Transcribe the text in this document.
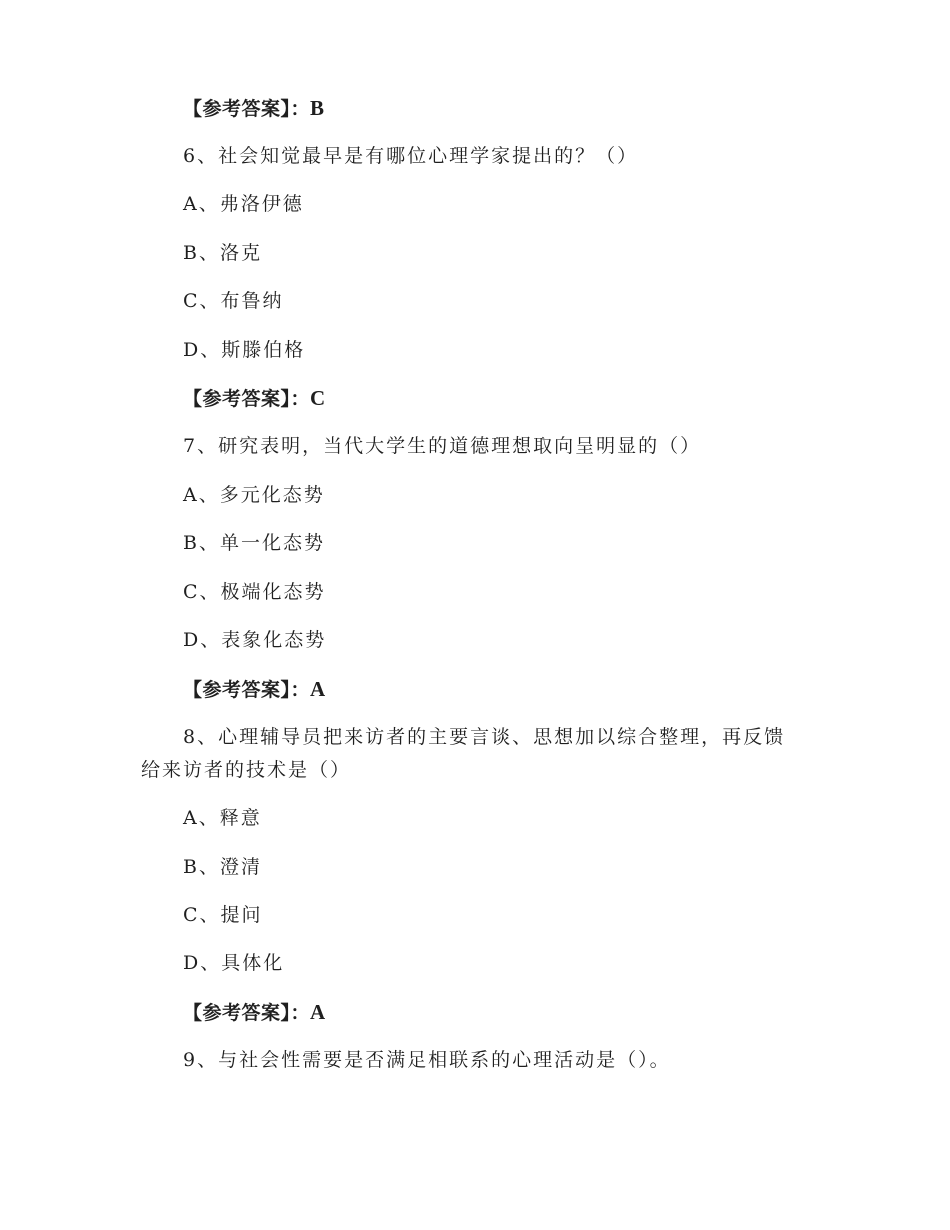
【参考答案】：B
6、社会知觉最早是有哪位心理学家提出的？（）
A、弗洛伊德
B、洛克
C、布鲁纳
D、斯滕伯格
【参考答案】：C
7、研究表明，当代大学生的道德理想取向呈明显的（）
A、多元化态势
B、单一化态势
C、极端化态势
D、表象化态势
【参考答案】：A
8、心理辅导员把来访者的主要言谈、思想加以综合整理，再反馈
给来访者的技术是（）
A、释意
B、澄清
C、提问
D、具体化
【参考答案】：A
9、与社会性需要是否满足相联系的心理活动是（）。
